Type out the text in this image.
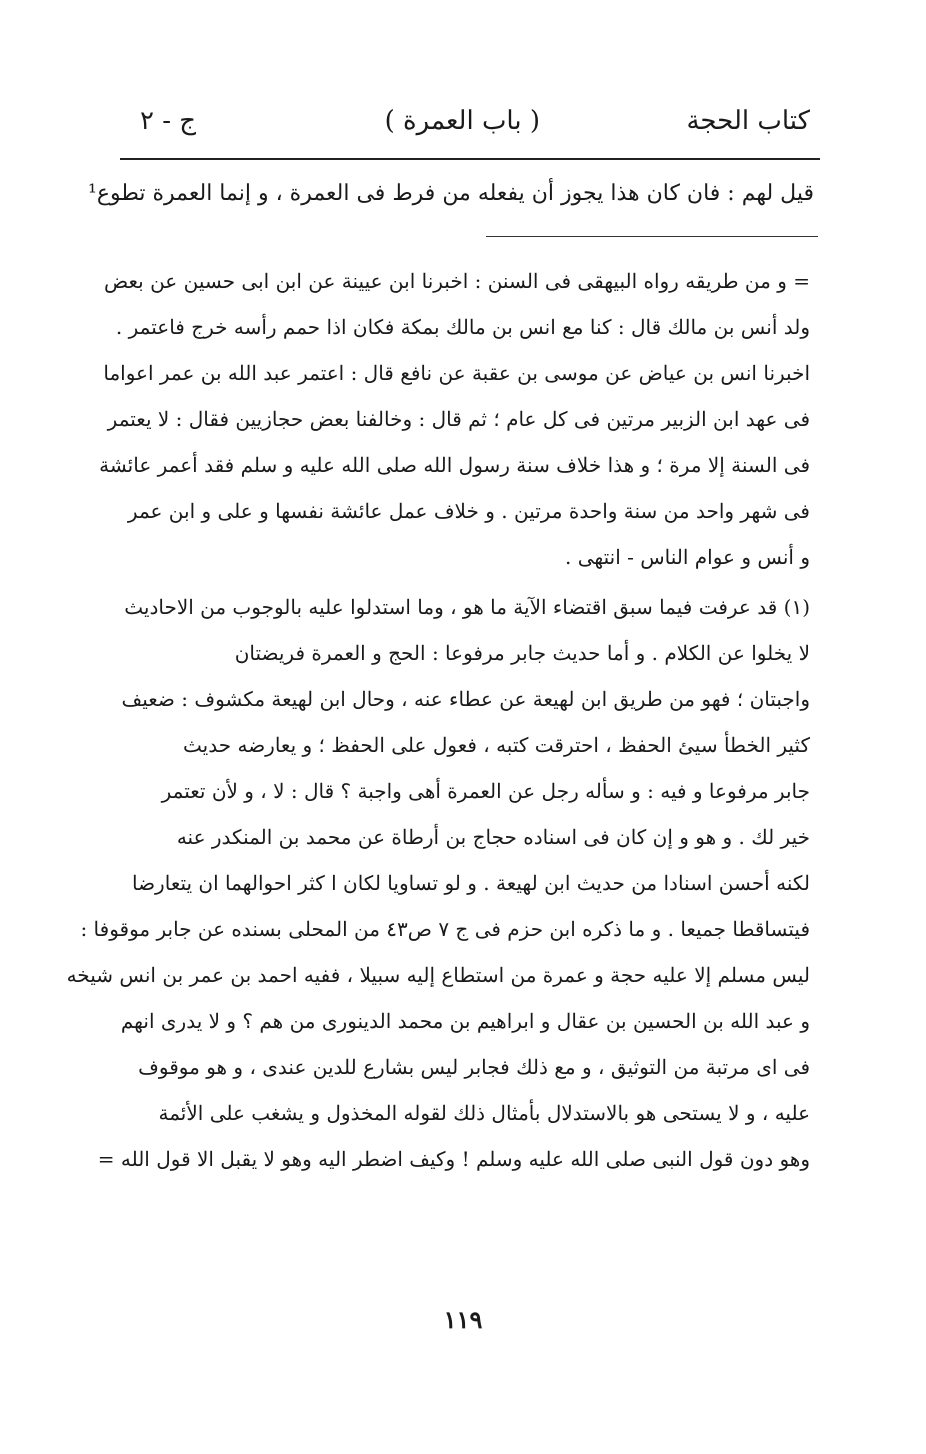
كتاب الحجة
( باب العمرة )
ج - ٢
قيل لهم : فان كان هذا يجوز أن يفعله من فرط فى العمرة ، و إنما العمرة تطوع¹
= و من طريقه رواه البيهقى فى السنن : اخبرنا ابن عيينة عن ابن ابى حسين عن بعض
ولد أنس بن مالك قال : كنا مع انس بن مالك بمكة فكان اذا حمم رأسه خرج فاعتمر .
اخبرنا انس بن عياض عن موسى بن عقبة عن نافع قال : اعتمر عبد الله بن عمر اعواما
فى عهد ابن الزبير مرتين فى كل عام ؛ ثم قال : وخالفنا بعض حجازيين فقال : لا يعتمر
فى السنة إلا مرة ؛ و هذا خلاف سنة رسول الله صلى الله عليه و سلم فقد أعمر عائشة
فى شهر واحد من سنة واحدة مرتين . و خلاف عمل عائشة نفسها و على و ابن عمر
و أنس و عوام الناس - انتهى .
(١) قد عرفت فيما سبق اقتضاء الآية ما هو ، وما استدلوا عليه بالوجوب من الاحاديث
لا يخلوا عن الكلام . و أما حديث جابر مرفوعا : الحج و العمرة فريضتان
واجبتان ؛ فهو من طريق ابن لهيعة عن عطاء عنه ، وحال ابن لهيعة مكشوف : ضعيف
كثير الخطأ سيئ الحفظ ، احترقت كتبه ، فعول على الحفظ ؛ و يعارضه حديث
جابر مرفوعا و فيه : و سأله رجل عن العمرة أهى واجبة ؟ قال : لا ، و لأن تعتمر
خير لك . و هو و إن كان فى اسناده حجاج بن أرطاة عن محمد بن المنكدر عنه
لكنه أحسن اسنادا من حديث ابن لهيعة . و لو تساويا لكان ا كثر احوالهما ان يتعارضا
فيتساقطا جميعا . و ما ذكره ابن حزم فى ج ٧ ص٤٣ من المحلى بسنده عن جابر موقوفا :
ليس مسلم إلا عليه حجة و عمرة من استطاع إليه سبيلا ، ففيه احمد بن عمر بن انس شيخه
و عبد الله بن الحسين بن عقال و ابراهيم بن محمد الدينورى من هم ؟ و لا يدرى انهم
فى اى مرتبة من التوثيق ، و مع ذلك فجابر ليس بشارع للدين عندى ، و هو موقوف
عليه ، و لا يستحى هو بالاستدلال بأمثال ذلك لقوله المخذول و يشغب على الأئمة
وهو دون قول النبى صلى الله عليه وسلم ! وكيف اضطر اليه وهو لا يقبل الا قول الله =
١١٩
